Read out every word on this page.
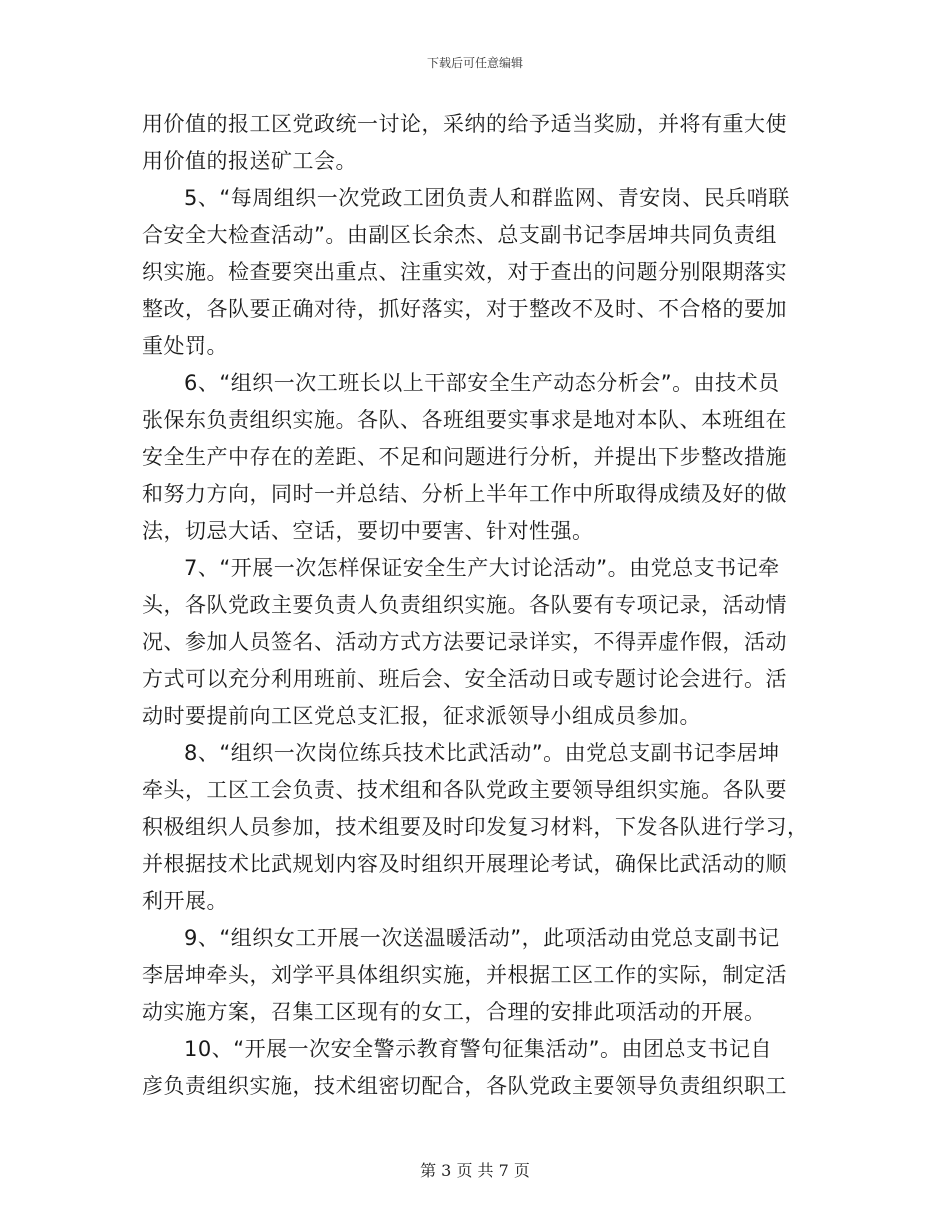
下载后可任意编辑
用价值的报工区党政统一讨论，采纳的给予适当奖励，并将有重大使
用价值的报送矿工会。
5、“每周组织一次党政工团负责人和群监网、青安岗、民兵哨联
合安全大检查活动”。由副区长余杰、总支副书记李居坤共同负责组
织实施。检查要突出重点、注重实效，对于查出的问题分别限期落实
整改，各队要正确对待，抓好落实，对于整改不及时、不合格的要加
重处罚。
6、“组织一次工班长以上干部安全生产动态分析会”。由技术员
张保东负责组织实施。各队、各班组要实事求是地对本队、本班组在
安全生产中存在的差距、不足和问题进行分析，并提出下步整改措施
和努力方向，同时一并总结、分析上半年工作中所取得成绩及好的做
法，切忌大话、空话，要切中要害、针对性强。
7、“开展一次怎样保证安全生产大讨论活动”。由党总支书记牵
头，各队党政主要负责人负责组织实施。各队要有专项记录，活动情
况、参加人员签名、活动方式方法要记录详实，不得弄虚作假，活动
方式可以充分利用班前、班后会、安全活动日或专题讨论会进行。活
动时要提前向工区党总支汇报，征求派领导小组成员参加。
8、“组织一次岗位练兵技术比武活动”。由党总支副书记李居坤
牵头，工区工会负责、技术组和各队党政主要领导组织实施。各队要
积极组织人员参加，技术组要及时印发复习材料，下发各队进行学习，
并根据技术比武规划内容及时组织开展理论考试，确保比武活动的顺
利开展。
9、“组织女工开展一次送温暖活动”，此项活动由党总支副书记
李居坤牵头，刘学平具体组织实施，并根据工区工作的实际，制定活
动实施方案，召集工区现有的女工，合理的安排此项活动的开展。
10、“开展一次安全警示教育警句征集活动”。由团总支书记自
彦负责组织实施，技术组密切配合，各队党政主要领导负责组织职工
第 3 页 共 7 页
